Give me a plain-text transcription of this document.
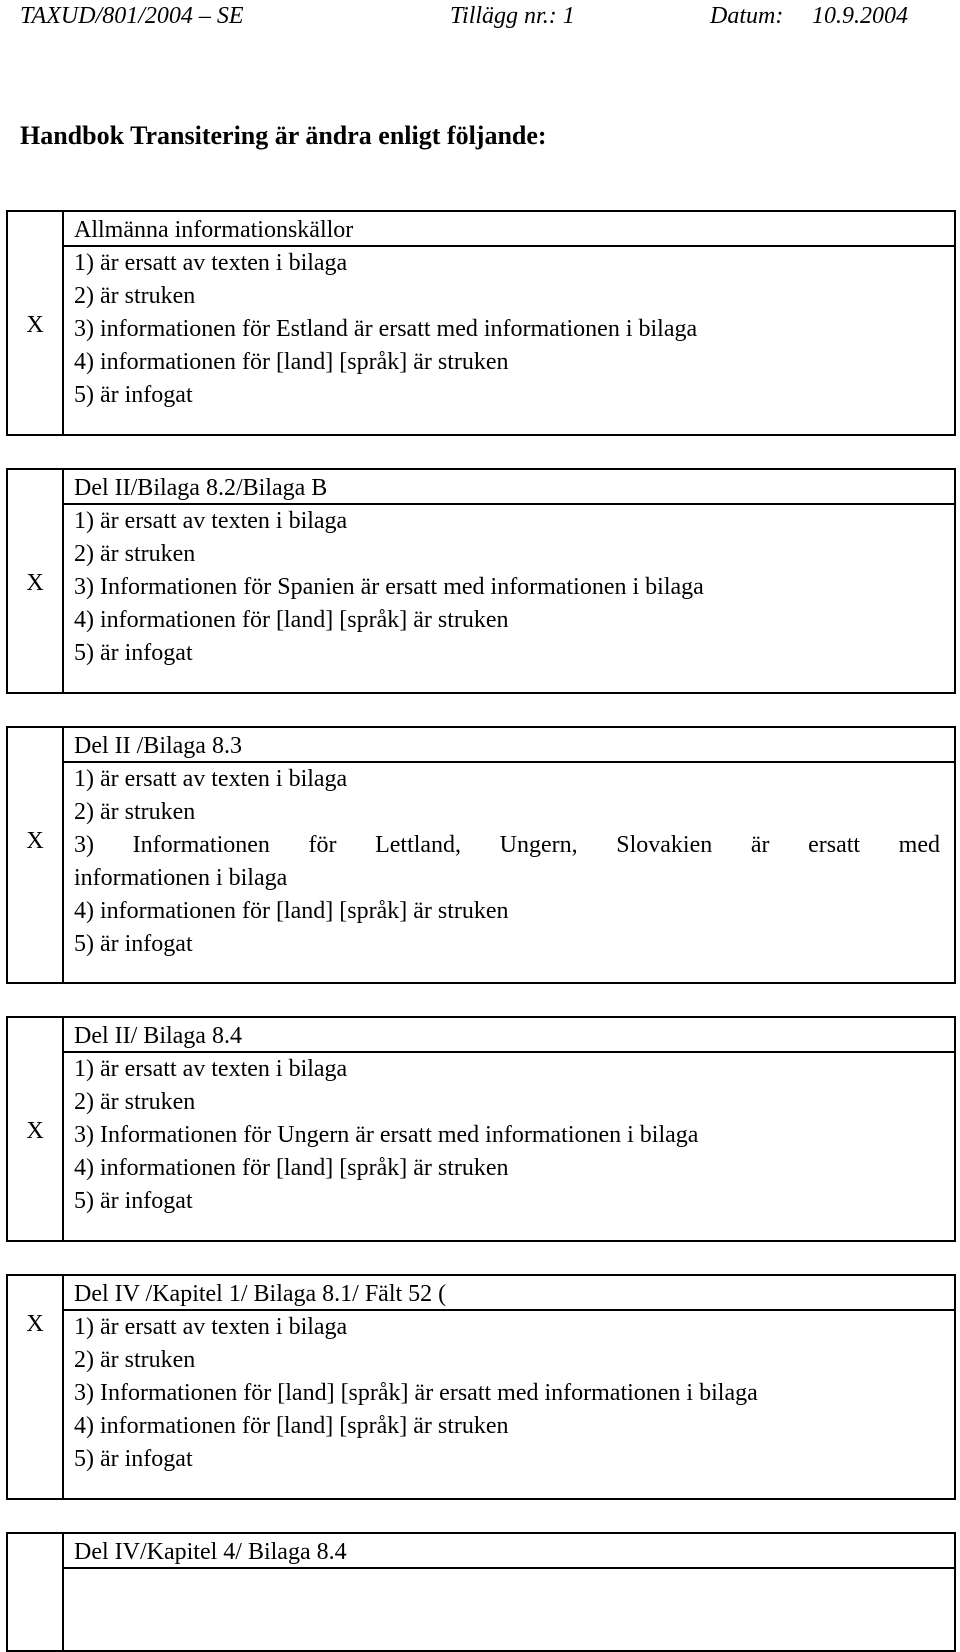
TAXUD/801/2004 – SE	Tillägg nr.: 1	Datum: 10.9.2004
Handbok Transitering är ändra enligt följande:
X
Allmänna informationskällor
1) är ersatt av texten i bilaga
2) är struken
3) informationen för Estland är ersatt med informationen i bilaga
4) informationen för [land] [språk] är struken
5) är infogat
X
Del II/Bilaga 8.2/Bilaga B
1) är ersatt av texten i bilaga
2) är struken
3) Informationen för Spanien är ersatt med informationen i bilaga
4) informationen för [land] [språk] är struken
5) är infogat
X
Del II /Bilaga 8.3
1) är ersatt av texten i bilaga
2) är struken
3) Informationen för Lettland, Ungern, Slovakien är ersatt med
informationen i bilaga
4) informationen för [land] [språk] är struken
5) är infogat
X
Del II/ Bilaga 8.4
1) är ersatt av texten i bilaga
2) är struken
3) Informationen för Ungern är ersatt med informationen i bilaga
4) informationen för [land] [språk] är struken
5) är infogat
X
Del IV /Kapitel 1/ Bilaga 8.1/ Fält 52 (
1) är ersatt av texten i bilaga
2) är struken
3) Informationen för [land] [språk] är ersatt med informationen i bilaga
4) informationen för [land] [språk] är struken
5) är infogat
Del IV/Kapitel 4/ Bilaga 8.4
